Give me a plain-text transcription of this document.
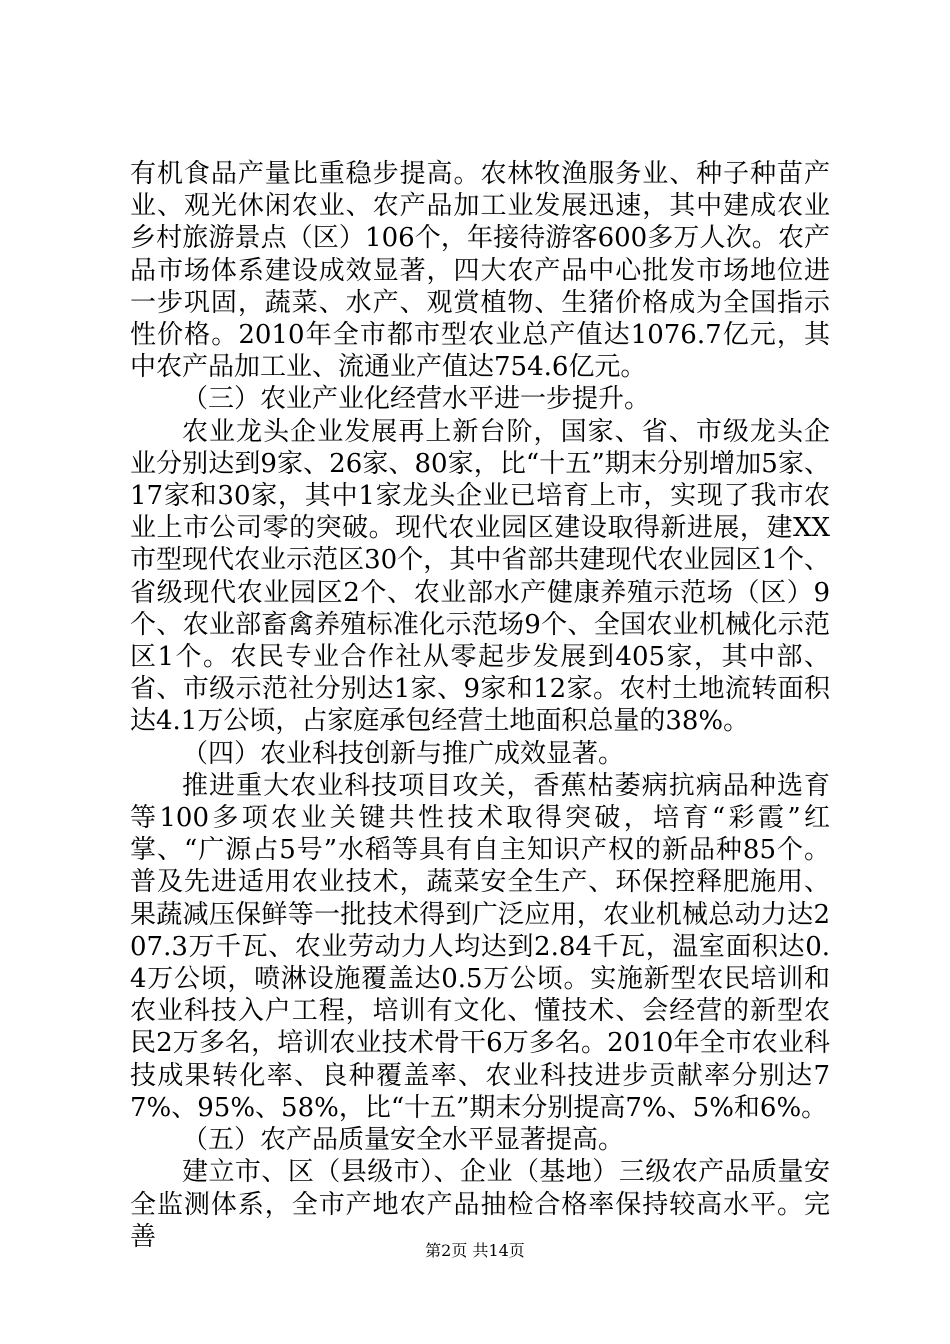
有机食品产量比重稳步提高。农林牧渔服务业、种子种苗产业、观光休闲农业、农产品加工业发展迅速，其中建成农业乡村旅游景点（区）106个，年接待游客600多万人次。农产品市场体系建设成效显著，四大农产品中心批发市场地位进一步巩固，蔬菜、水产、观赏植物、生猪价格成为全国指示性价格。2010年全市都市型农业总产值达1076.7亿元，其中农产品加工业、流通业产值达754.6亿元。

（三）农业产业化经营水平进一步提升。

农业龙头企业发展再上新台阶，国家、省、市级龙头企业分别达到9家、26家、80家，比“十五”期末分别增加5家、17家和30家，其中1家龙头企业已培育上市，实现了我市农业上市公司零的突破。现代农业园区建设取得新进展，建XX市型现代农业示范区30个，其中省部共建现代农业园区1个、省级现代农业园区2个、农业部水产健康养殖示范场（区）9个、农业部畜禽养殖标准化示范场9个、全国农业机械化示范区1个。农民专业合作社从零起步发展到405家，其中部、省、市级示范社分别达1家、9家和12家。农村土地流转面积达4.1万公顷，占家庭承包经营土地面积总量的38%。

（四）农业科技创新与推广成效显著。

推进重大农业科技项目攻关，香蕉枯萎病抗病品种选育等100多项农业关键共性技术取得突破，培育“彩霞”红掌、“广源占5号”水稻等具有自主知识产权的新品种85个。普及先进适用农业技术，蔬菜安全生产、环保控释肥施用、果蔬减压保鲜等一批技术得到广泛应用，农业机械总动力达207.3万千瓦、农业劳动力人均达到2.84千瓦，温室面积达0.4万公顷，喷淋设施覆盖达0.5万公顷。实施新型农民培训和农业科技入户工程，培训有文化、懂技术、会经营的新型农民2万多名，培训农业技术骨干6万多名。2010年全市农业科技成果转化率、良种覆盖率、农业科技进步贡献率分别达77%、95%、58%，比“十五”期末分别提高7%、5%和6%。

（五）农产品质量安全水平显著提高。

建立市、区（县级市）、企业（基地）三级农产品质量安全监测体系，全市产地农产品抽检合格率保持较高水平。完善	第2页 共14页
